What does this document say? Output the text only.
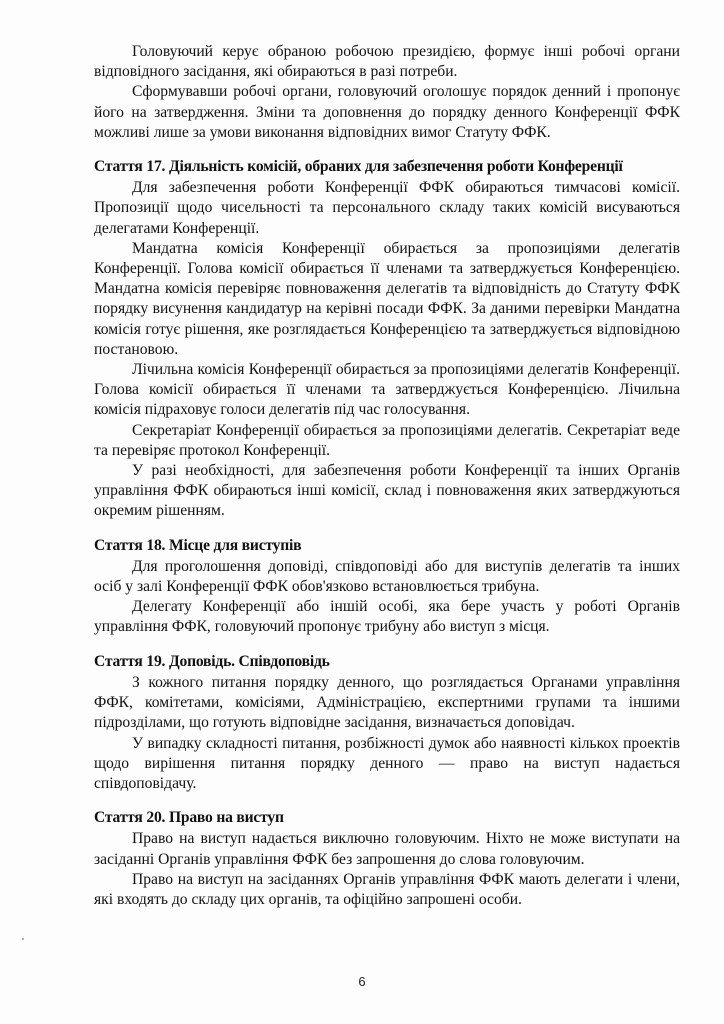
Головуючий керує обраною робочою президією, формує інші робочі органи відповідного засідання, які обираються в разі потреби.

Сформувавши робочі органи, головуючий оголошує порядок денний і пропонує його на затвердження. Зміни та доповнення до порядку денного Конференції ФФК можливі лише за умови виконання відповідних вимог Статуту ФФК.

Стаття 17. Діяльність комісій, обраних для забезпечення роботи Конференції

Для забезпечення роботи Конференції ФФК обираються тимчасові комісії. Пропозиції щодо чисельності та персонального складу таких комісій висуваються делегатами Конференції.

Мандатна комісія Конференції обирається за пропозиціями делегатів Конференції. Голова комісії обирається її членами та затверджується Конференцією. Мандатна комісія перевіряє повноваження делегатів та відповідність до Статуту ФФК порядку висунення кандидатур на керівні посади ФФК. За даними перевірки Мандатна комісія готує рішення, яке розглядається Конференцією та затверджується відповідною постановою.

Лічильна комісія Конференції обирається за пропозиціями делегатів Конференції. Голова комісії обирається її членами та затверджується Конференцією. Лічильна комісія підраховує голоси делегатів під час голосування.

Секретаріат Конференції обирається за пропозиціями делегатів. Секретаріат веде та перевіряє протокол Конференції.

У разі необхідності, для забезпечення роботи Конференції та інших Органів управління ФФК обираються інші комісії, склад і повноваження яких затверджуються окремим рішенням.

Стаття 18. Місце для виступів

Для проголошення доповіді, співдоповіді або для виступів делегатів та інших осіб у залі Конференції ФФК обов'язково встановлюється трибуна.

Делегату Конференції або іншій особі, яка бере участь у роботі Органів управління ФФК, головуючий пропонує трибуну або виступ з місця.

Стаття 19. Доповідь. Співдоповідь

З кожного питання порядку денного, що розглядається Органами управління ФФК, комітетами, комісіями, Адміністрацією, експертними групами та іншими підрозділами, що готують відповідне засідання, визначається доповідач.

У випадку складності питання, розбіжності думок або наявності кількох проектів щодо вирішення питання порядку денного — право на виступ надається співдоповідачу.

Стаття 20. Право на виступ

Право на виступ надається виключно головуючим. Ніхто не може виступати на засіданні Органів управління ФФК без запрошення до слова головуючим.

Право на виступ на засіданнях Органів управління ФФК мають делегати і члени, які входять до складу цих органів, та офіційно запрошені особи.

6
